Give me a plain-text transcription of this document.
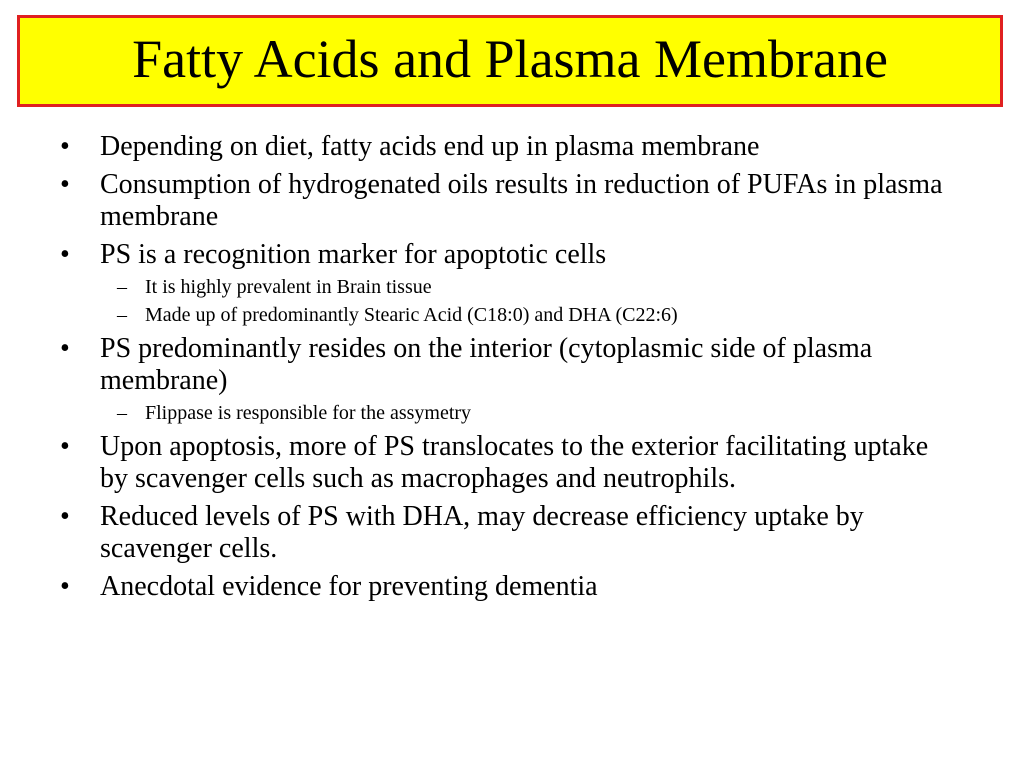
Fatty Acids and Plasma Membrane
•	Depending on diet, fatty acids end up in plasma membrane
•	Consumption of hydrogenated oils results in reduction of PUFAs in plasma membrane
•	PS is a recognition marker for apoptotic cells
– It is highly prevalent in Brain tissue
– Made up of predominantly Stearic Acid (C18:0) and DHA (C22:6)
•	PS predominantly resides on the interior (cytoplasmic side of plasma membrane)
– Flippase is responsible for the assymetry
•	Upon apoptosis, more of PS translocates to the exterior facilitating uptake by scavenger cells such as macrophages and neutrophils.
•	Reduced levels of PS with DHA, may decrease efficiency uptake by scavenger cells.
•	Anecdotal evidence for preventing dementia
